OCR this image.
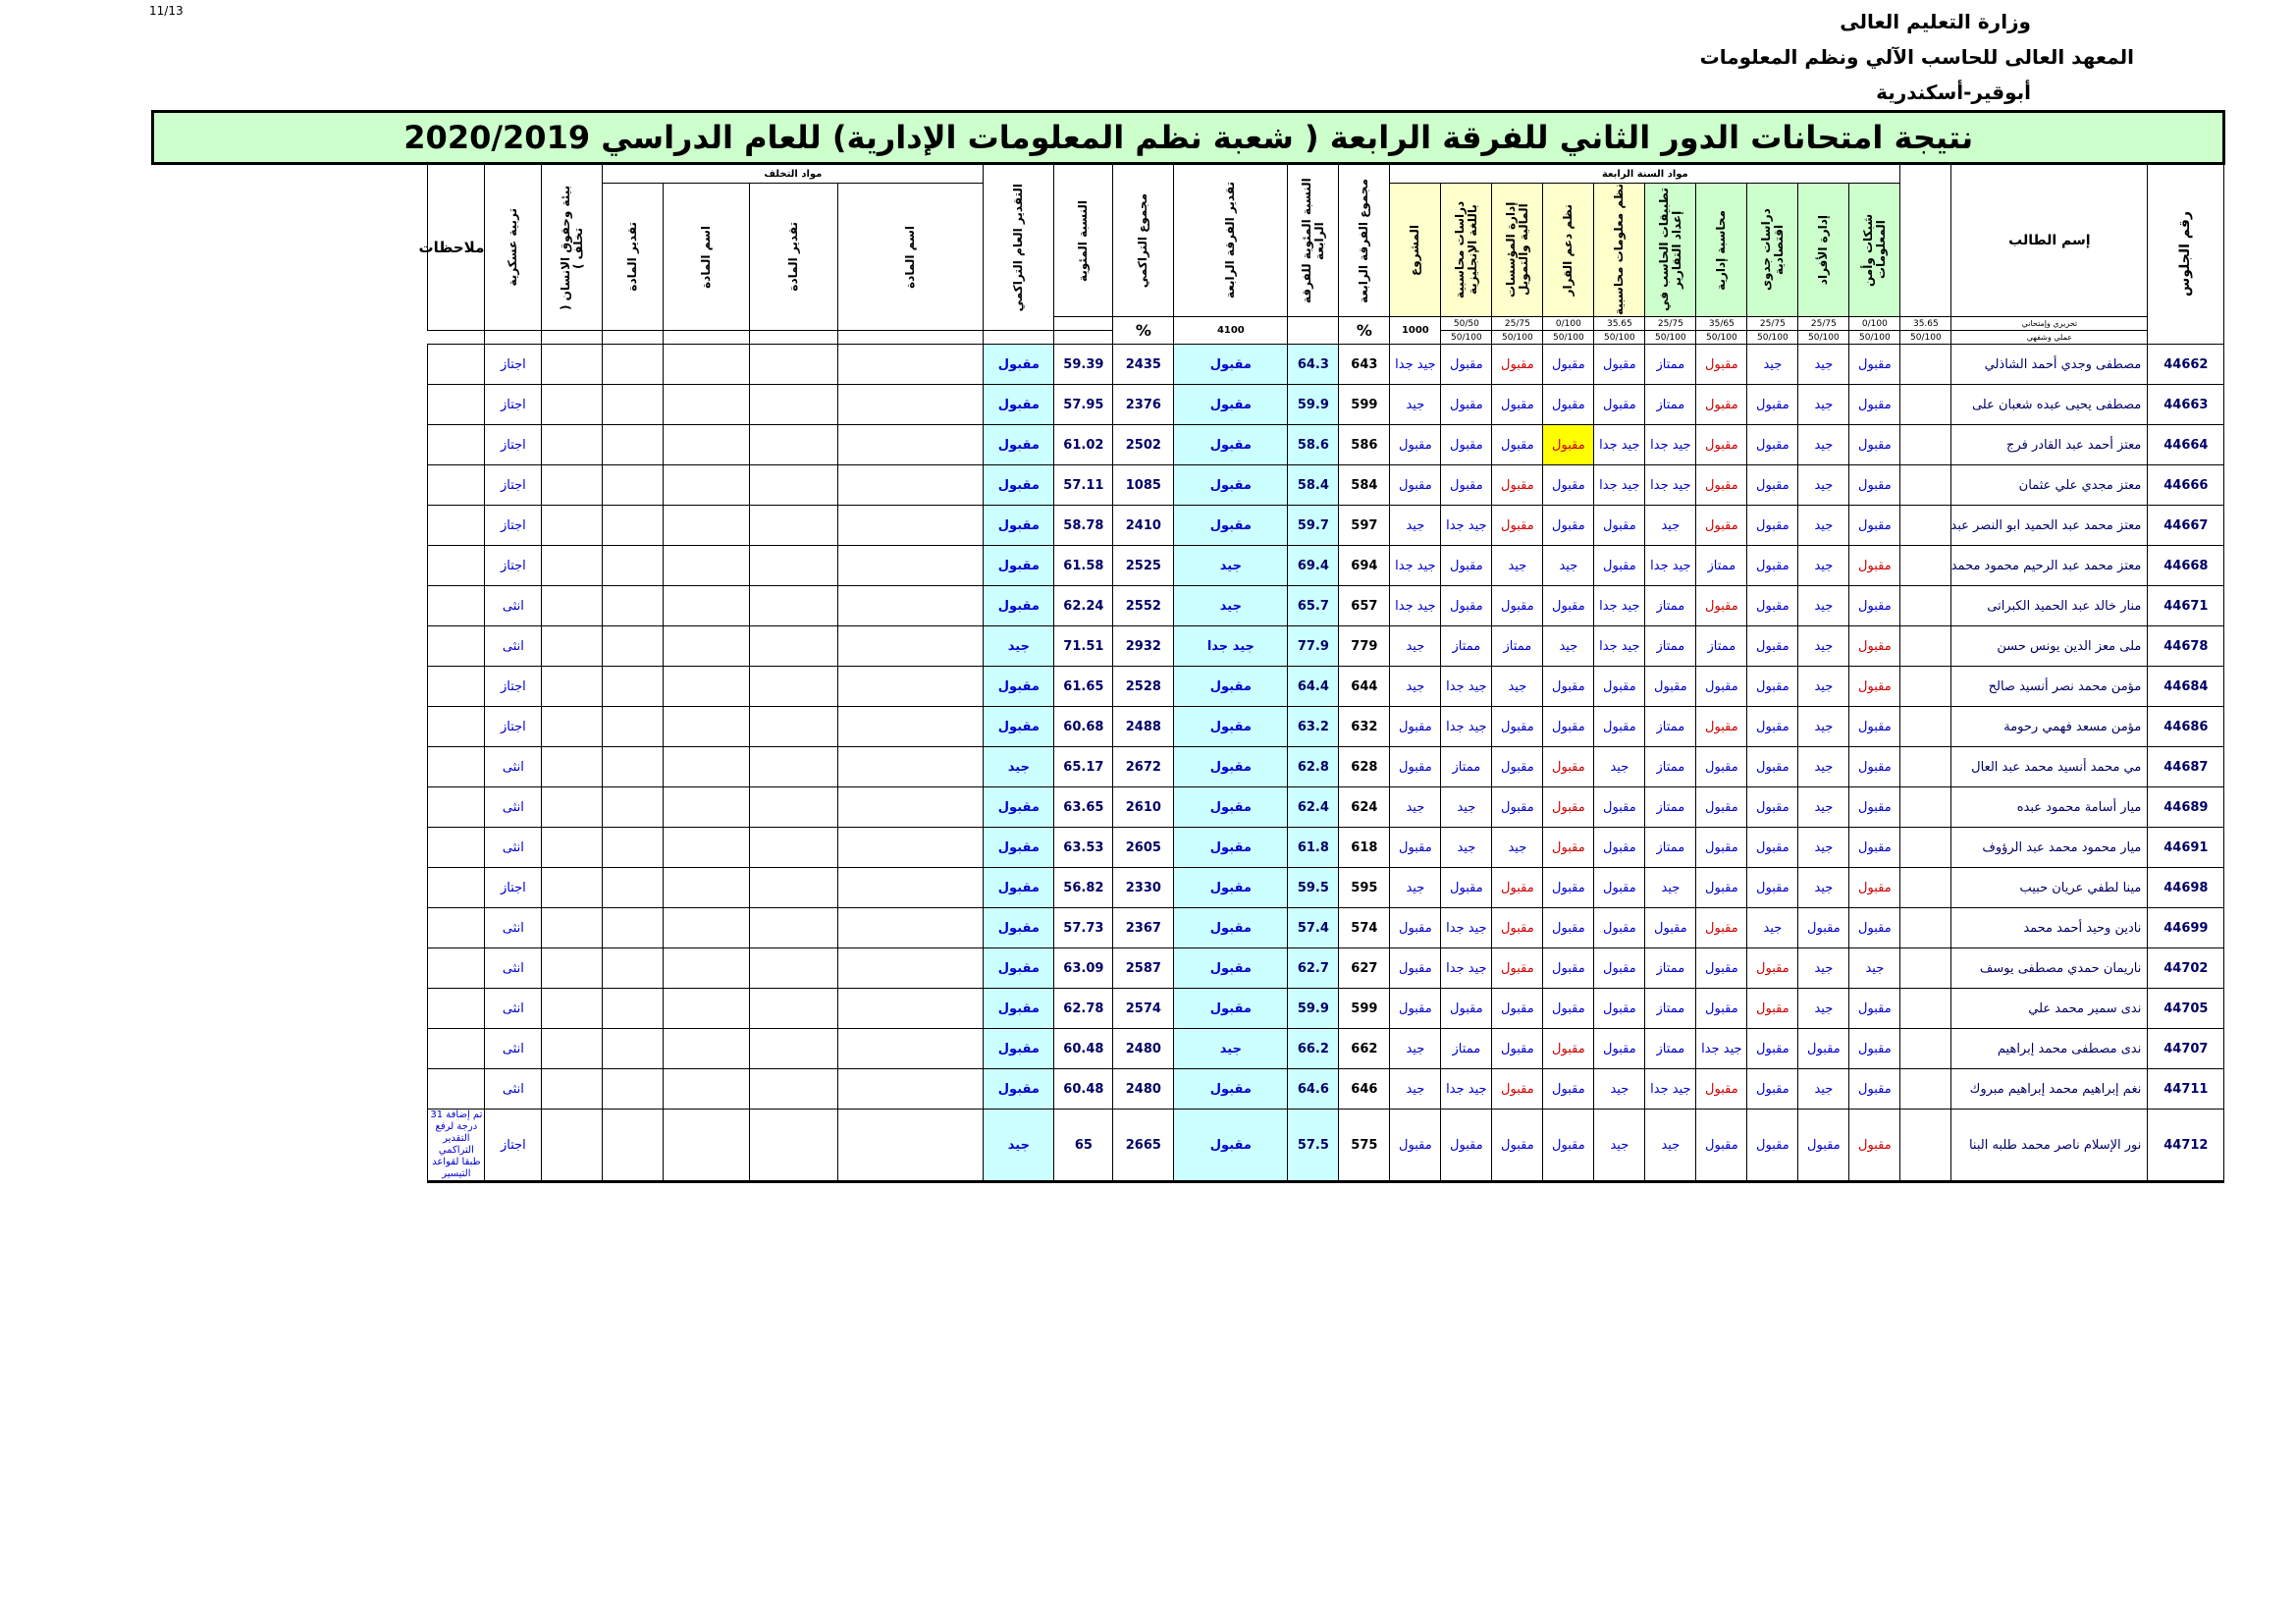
11/13	وزارة التعليم العالى
المعهد العالى للحاسب الآلي ونظم المعلومات
أبوقير-أسكندرية
نتيجة امتحانات الدور الثاني للفرقة الرابعة ( شعبة نظم المعلومات الإدارية) للعام الدراسي 2020/2019																									

رقم الجلوس	إسم الطالب		مواد السنة الرابعة										مجموع الفرقة الرابعة	النسبة المئوية للفرقة الرابعة	تقدير الفرقة الرابعة	مجموع التراكمي	النسبة المئوية	التقدير العام التراكمي	مواد التخلف				بيئة وحقوق الانسان ( تخلف )	تربية عسكرية	ملاحظات

			شبكات وأمن المعلومات	إدارة الأفراد	دراسات جدوى اقتصادية	محاسبة إدارية	تطبيقات الحاسب في إعداد التقارير	نظم معلومات محاسبية	نظم دعم القرار	إدارة المؤسسات المالية والتمويل	دراسات محاسبية باللغة الإنجليزية	المشروع							اسم المادة	تقدير المادة	اسم المادة	تقدير المادة			

	تحريري وإمتحاني	35.65	0/100	25/75	25/75	35/65	25/75	35.65	0/100	25/75	50/50	1000	%		4100	%									
	عملي وشفهي	50/100	50/100	50/100	50/100	50/100	50/100	50/100	50/100	50/100	50/100														
44662	مصطفى وجدي أحمد الشاذلي		مقبول	جيد	جيد	مقبول	ممتاز	مقبول	مقبول	مقبول	مقبول	جيد جدا	643	64.3	مقبول	2435	59.39	مقبول						اجتاز	
44663	مصطفى يحيى عبده شعبان على		مقبول	جيد	مقبول	مقبول	ممتاز	مقبول	مقبول	مقبول	مقبول	جيد	599	59.9	مقبول	2376	57.95	مقبول						اجتاز	
44664	معتز أحمد عبد القادر فرج		مقبول	جيد	مقبول	مقبول	جيد جدا	جيد جدا	مقبول	مقبول	مقبول	مقبول	586	58.6	مقبول	2502	61.02	مقبول						اجتاز	
44666	معتز مجدي علي عثمان		مقبول	جيد	مقبول	مقبول	جيد جدا	جيد جدا	مقبول	مقبول	مقبول	مقبول	584	58.4	مقبول	1085	57.11	مقبول						اجتاز	
44667	معتز محمد عبد الحميد ابو النصر عبد		مقبول	جيد	مقبول	مقبول	جيد	مقبول	مقبول	مقبول	جيد جدا	جيد	597	59.7	مقبول	2410	58.78	مقبول						اجتاز	
44668	معتز محمد عبد الرحيم محمود محمد		مقبول	جيد	مقبول	ممتاز	جيد جدا	مقبول	جيد	جيد	مقبول	جيد جدا	694	69.4	جيد	2525	61.58	مقبول						اجتاز	
44671	منار خالد عبد الحميد الكبراتى		مقبول	جيد	مقبول	مقبول	ممتاز	جيد جدا	مقبول	مقبول	مقبول	جيد جدا	657	65.7	جيد	2552	62.24	مقبول						انثى	
44678	ملى معز الدين يونس حسن		مقبول	جيد	مقبول	ممتاز	ممتاز	جيد جدا	جيد	ممتاز	ممتاز	جيد	779	77.9	جيد جدا	2932	71.51	جيد						انثى	
44684	مؤمن محمد نصر أنسيد صالح		مقبول	جيد	مقبول	مقبول	مقبول	مقبول	مقبول	جيد	جيد جدا	جيد	644	64.4	مقبول	2528	61.65	مقبول						اجتاز	
44686	مؤمن مسعد فهمي رحومة		مقبول	جيد	مقبول	مقبول	ممتاز	مقبول	مقبول	مقبول	جيد جدا	مقبول	632	63.2	مقبول	2488	60.68	مقبول						اجتاز	
44687	مي محمد أنسيد محمد عبد العال		مقبول	جيد	مقبول	مقبول	ممتاز	جيد	مقبول	مقبول	ممتاز	مقبول	628	62.8	مقبول	2672	65.17	جيد						انثى	
44689	ميار أسامة محمود عبده		مقبول	جيد	مقبول	مقبول	ممتاز	مقبول	مقبول	مقبول	جيد	جيد	624	62.4	مقبول	2610	63.65	مقبول						انثى	
44691	ميار محمود محمد عبد الرؤوف		مقبول	جيد	مقبول	مقبول	ممتاز	مقبول	مقبول	جيد	جيد	مقبول	618	61.8	مقبول	2605	63.53	مقبول						انثى	
44698	مينا لطفي عريان حبيب		مقبول	جيد	مقبول	مقبول	جيد	مقبول	مقبول	مقبول	مقبول	جيد	595	59.5	مقبول	2330	56.82	مقبول						اجتاز	
44699	نادين وحيد أحمد محمد		مقبول	مقبول	جيد	مقبول	مقبول	مقبول	مقبول	مقبول	جيد جدا	مقبول	574	57.4	مقبول	2367	57.73	مقبول						انثى	
44702	ناريمان حمدي مصطفى يوسف		جيد	جيد	مقبول	مقبول	ممتاز	مقبول	مقبول	مقبول	جيد جدا	مقبول	627	62.7	مقبول	2587	63.09	مقبول						انثى	
44705	ندى سمير محمد علي		مقبول	جيد	مقبول	مقبول	ممتاز	مقبول	مقبول	مقبول	مقبول	مقبول	599	59.9	مقبول	2574	62.78	مقبول						انثى	
44707	ندى مصطفى محمد إبراهيم		مقبول	مقبول	مقبول	جيد جدا	ممتاز	مقبول	مقبول	مقبول	ممتاز	جيد	662	66.2	جيد	2480	60.48	مقبول						انثى	
44711	نغم إبراهيم محمد إبراهيم مبروك		مقبول	جيد	مقبول	مقبول	جيد جدا	جيد	مقبول	مقبول	جيد جدا	جيد	646	64.6	مقبول	2480	60.48	مقبول						انثى	
44712	نور الإسلام ناصر محمد طلبه البنا		مقبول	مقبول	مقبول	مقبول	جيد	جيد	مقبول	مقبول	مقبول	مقبول	575	57.5	مقبول	2665	65	جيد						اجتاز	تم إضافة 31 درجة لرفع التقدير التراكمي طبقا لقواعد التيسير
